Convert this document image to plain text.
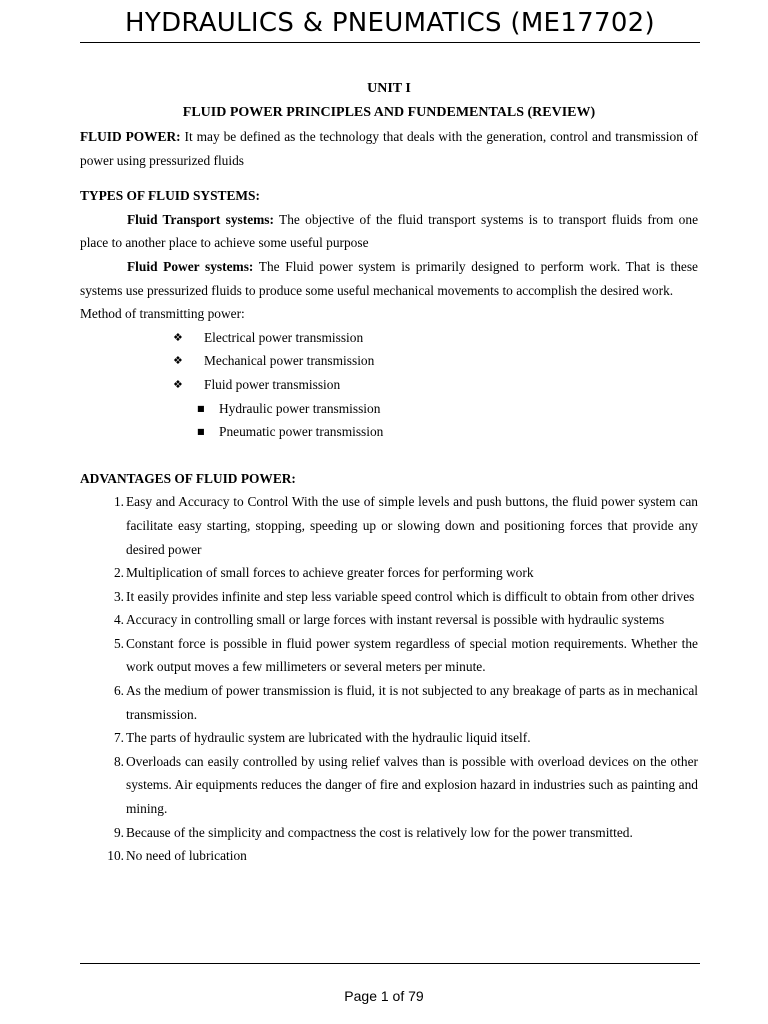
HYDRAULICS & PNEUMATICS (ME17702)

UNIT I

FLUID POWER PRINCIPLES AND FUNDEMENTALS (REVIEW)

FLUID POWER: It may be defined as the technology that deals with the generation, control and transmission of power using pressurized fluids

TYPES OF FLUID SYSTEMS:

Fluid Transport systems: The objective of the fluid transport systems is to transport fluids from one place to another place to achieve some useful purpose

Fluid Power systems: The Fluid power system is primarily designed to perform work. That is these systems use pressurized fluids to produce some useful mechanical movements to accomplish the desired work.

Method of transmitting power:

❖ Electrical power transmission
❖ Mechanical power transmission
❖ Fluid power transmission
■ Hydraulic power transmission
■ Pneumatic power transmission

ADVANTAGES OF FLUID POWER:

1. Easy and Accuracy to Control With the use of simple levels and push buttons, the fluid power system can facilitate easy starting, stopping, speeding up or slowing down and positioning forces that provide any desired power
2. Multiplication of small forces to achieve greater forces for performing work
3. It easily provides infinite and step less variable speed control which is difficult to obtain from other drives
4. Accuracy in controlling small or large forces with instant reversal is possible with hydraulic systems
5. Constant force is possible in fluid power system regardless of special motion requirements. Whether the work output moves a few millimeters or several meters per minute.
6. As the medium of power transmission is fluid, it is not subjected to any breakage of parts as in mechanical transmission.
7. The parts of hydraulic system are lubricated with the hydraulic liquid itself.
8. Overloads can easily controlled by using relief valves than is possible with overload devices on the other systems. Air equipments reduces the danger of fire and explosion hazard in industries such as painting and mining.
9. Because of the simplicity and compactness the cost is relatively low for the power transmitted.
10. No need of lubrication
Page 1 of 79
